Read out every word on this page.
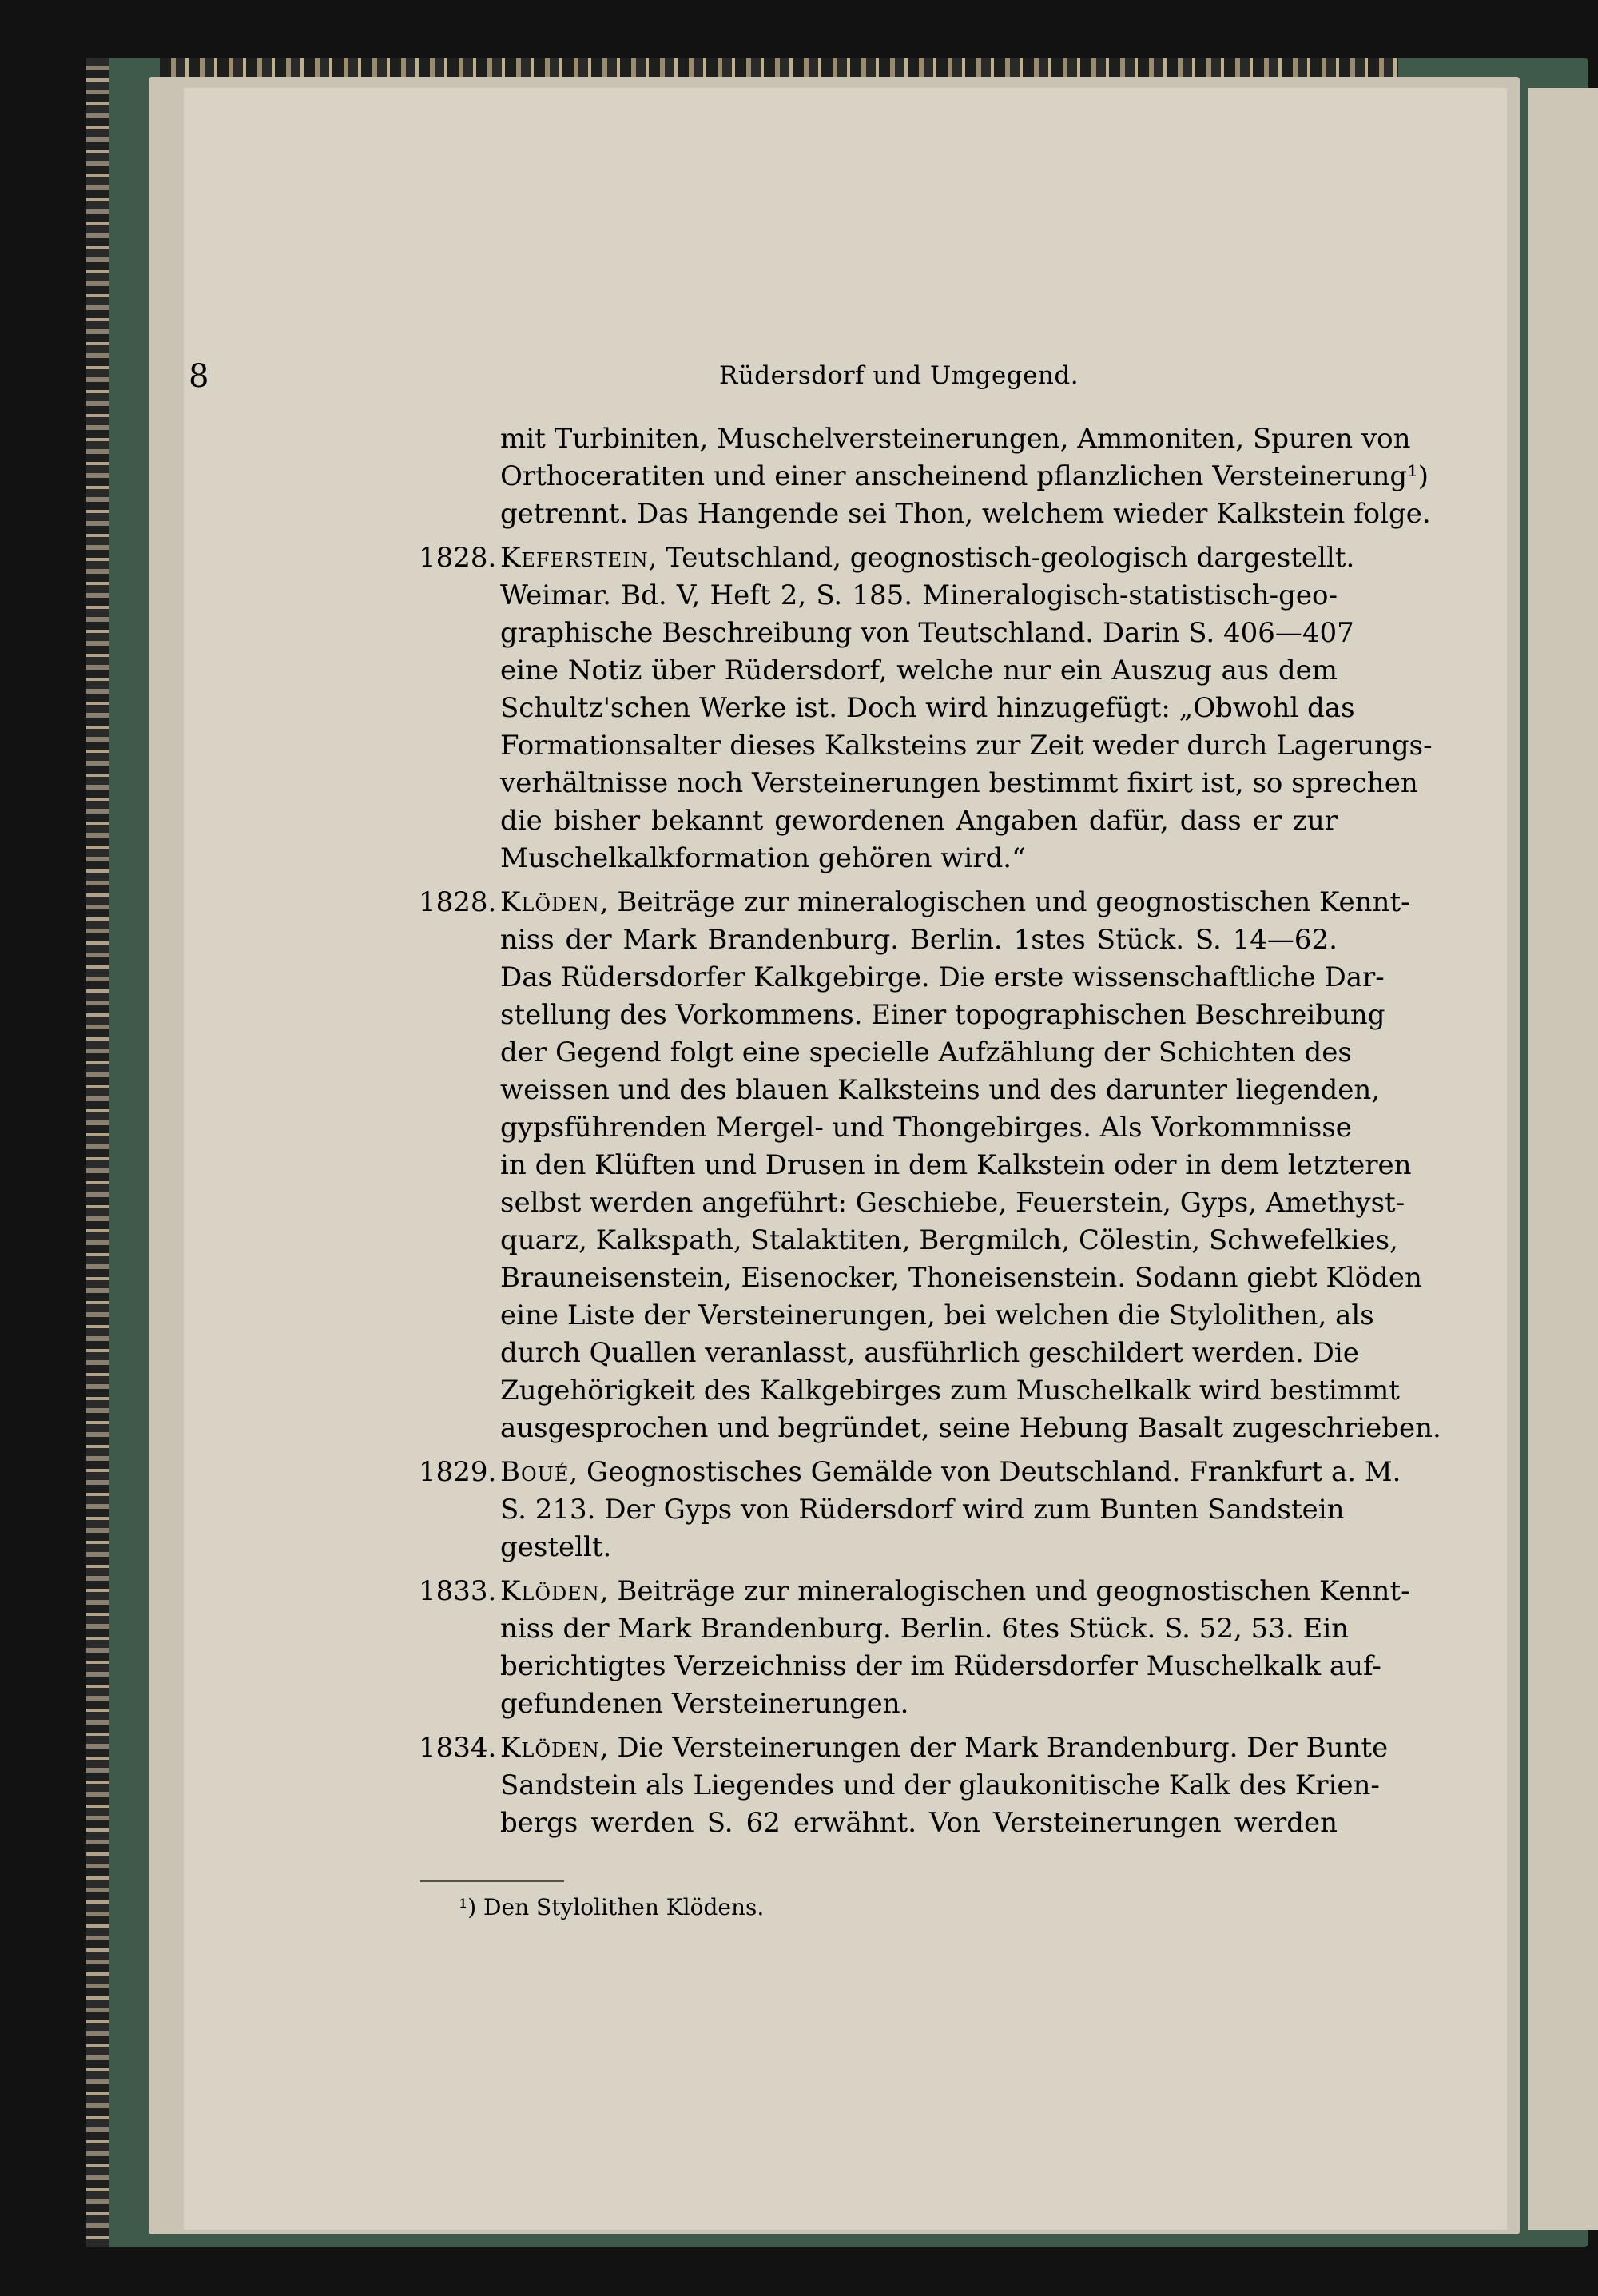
8	Rüdersdorf und Umgegend.
mit Turbiniten, Muschelversteinerungen, Ammoniten, Spuren von
Orthoceratiten und einer anscheinend pflanzlichen Versteinerung¹)
getrennt. Das Hangende sei Thon, welchem wieder Kalkstein folge.
1828. Keferstein, Teutschland, geognostisch-geologisch dargestellt.
Weimar. Bd. V, Heft 2, S. 185. Mineralogisch-statistisch-geo-
graphische Beschreibung von Teutschland. Darin S. 406—407
eine Notiz über Rüdersdorf, welche nur ein Auszug aus dem
Schultz'schen Werke ist. Doch wird hinzugefügt: „Obwohl das
Formationsalter dieses Kalksteins zur Zeit weder durch Lagerungs-
verhältnisse noch Versteinerungen bestimmt fixirt ist, so sprechen
die bisher bekannt gewordenen Angaben dafür, dass er zur
Muschelkalkformation gehören wird.“
1828. Klöden, Beiträge zur mineralogischen und geognostischen Kennt-
niss der Mark Brandenburg. Berlin. 1stes Stück. S. 14—62.
Das Rüdersdorfer Kalkgebirge. Die erste wissenschaftliche Dar-
stellung des Vorkommens. Einer topographischen Beschreibung
der Gegend folgt eine specielle Aufzählung der Schichten des
weissen und des blauen Kalksteins und des darunter liegenden,
gypsführenden Mergel- und Thongebirges. Als Vorkommnisse
in den Klüften und Drusen in dem Kalkstein oder in dem letzteren
selbst werden angeführt: Geschiebe, Feuerstein, Gyps, Amethyst-
quarz, Kalkspath, Stalaktiten, Bergmilch, Cölestin, Schwefelkies,
Brauneisenstein, Eisenocker, Thoneisenstein. Sodann giebt Klöden
eine Liste der Versteinerungen, bei welchen die Stylolithen, als
durch Quallen veranlasst, ausführlich geschildert werden. Die
Zugehörigkeit des Kalkgebirges zum Muschelkalk wird bestimmt
ausgesprochen und begründet, seine Hebung Basalt zugeschrieben.
1829. Boué, Geognostisches Gemälde von Deutschland. Frankfurt a. M.
S. 213. Der Gyps von Rüdersdorf wird zum Bunten Sandstein
gestellt.
1833. Klöden, Beiträge zur mineralogischen und geognostischen Kennt-
niss der Mark Brandenburg. Berlin. 6tes Stück. S. 52, 53. Ein
berichtigtes Verzeichniss der im Rüdersdorfer Muschelkalk auf-
gefundenen Versteinerungen.
1834. Klöden, Die Versteinerungen der Mark Brandenburg. Der Bunte
Sandstein als Liegendes und der glaukonitische Kalk des Krien-
bergs werden S. 62 erwähnt. Von Versteinerungen werden
¹) Den Stylolithen Klödens.
